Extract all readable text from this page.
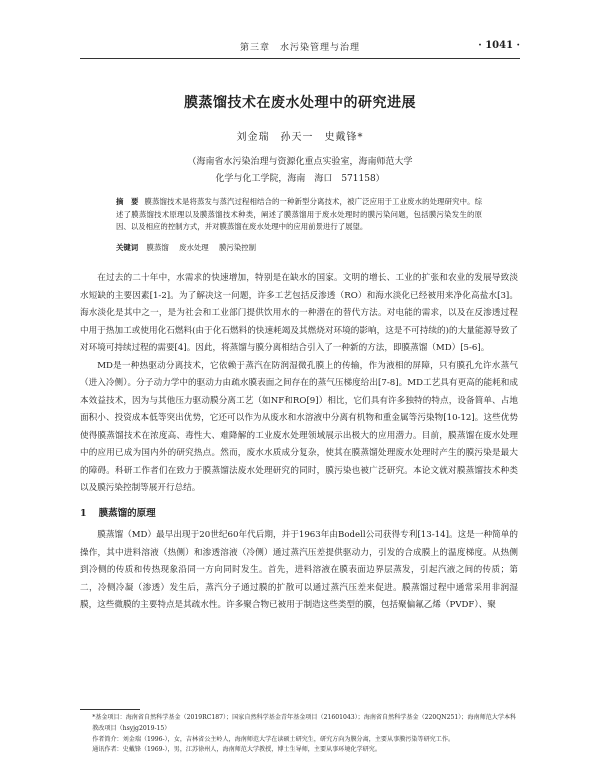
第三章　水污染管理与治理	· 1041 ·
膜蒸馏技术在废水处理中的研究进展
刘金瑞　孙天一　史戴锋*
（海南省水污染治理与资源化重点实验室，海南师范大学
化学与化工学院，海南　海口　571158）
摘　要 膜蒸馏技术是将蒸发与蒸汽过程相结合的一种新型分离技术，被广泛应用于工业废水的处理研究中。综述了膜蒸馏技术原理以及膜蒸馏技术种类，阐述了膜蒸馏用于废水处理时的膜污染问题，包括膜污染发生的原因、以及相应的控制方式，并对膜蒸馏在废水处理中的应用前景进行了展望。
关键词 膜蒸馏 废水处理 膜污染控制

在过去的二十年中，水需求的快速增加，特别是在缺水的国家。文明的增长、工业的扩张和农业的发展导致淡水短缺的主要因素[1-2]。为了解决这一问题，许多工艺包括反渗透（RO）和海水淡化已经被用来净化高盐水[3]。海水淡化是其中之一，是为社会和工业部门提供饮用水的一种潜在的替代方法。对电能的需求，以及在反渗透过程中用于热加工或使用化石燃料(由于化石燃料的快速耗竭及其燃烧对环境的影响，这是不可持续的)的大量能源导致了对环境可持续过程的需要[4]。因此，将蒸馏与膜分离相结合引入了一种新的方法，即膜蒸馏（MD）[5-6]。

MD是一种热驱动分离技术，它依赖于蒸汽在防润湿微孔膜上的传输，作为液相的屏障，只有膜孔允许水蒸气（进入冷侧）。分子动力学中的驱动力由疏水膜表面之间存在的蒸气压梯度给出[7-8]。MD工艺具有更高的能耗和成本效益技术，因为与其他压力驱动膜分离工艺（如NF和RO[9]）相比，它们具有许多独特的特点，设备简单、占地面积小、投资成本低等突出优势，它还可以作为从废水和水溶液中分离有机物和重金属等污染物[10-12]。这些优势使得膜蒸馏技术在浓度高、毒性大、难降解的工业废水处理领域展示出极大的应用潜力。目前，膜蒸馏在废水处理中的应用已成为国内外的研究热点。然而，废水水质成分复杂，使其在膜蒸馏处理废水处理时产生的膜污染是最大的障碍。科研工作者们在致力于膜蒸馏法废水处理研究的同时，膜污染也被广泛研究。本论文就对膜蒸馏技术种类以及膜污染控制等展开行总结。

1 膜蒸馏的原理

膜蒸馏（MD）最早出现于20世纪60年代后期，并于1963年由Bodell公司获得专利[13-14]。这是一种简单的操作，其中进料溶液（热侧）和渗透溶液（冷侧）通过蒸汽压差提供驱动力，引发的合成膜上的温度梯度。从热侧到冷侧的传质和传热现象沿同一方向同时发生。首先，进料溶液在膜表面边界层蒸发，引起汽液之间的传质；第二，冷侧冷凝（渗透）发生后，蒸汽分子通过膜的扩散可以通过蒸汽压差来促进。膜蒸馏过程中通常采用非润湿膜，这些微膜的主要特点是其疏水性。许多聚合物已被用于制造这些类型的膜，包括聚偏氟乙烯（PVDF）、聚

*基金项目：海南省自然科学基金（2019RC187）；国家自然科学基金青年基金项目（21601043）；海南省自然科学基金（220QN251）；海南师范大学本科教改项目（hsyjg2019-15）

作者简介：刘金瑞（1996-），女，吉林省公主岭人，海南师范大学在读硕士研究生，研究方向为膜分离，主要从事膜污染等研究工作。

通讯作者：史戴锋（1969-），男，江苏徐州人，海南师范大学教授，博士生导师，主要从事环境化学研究。
